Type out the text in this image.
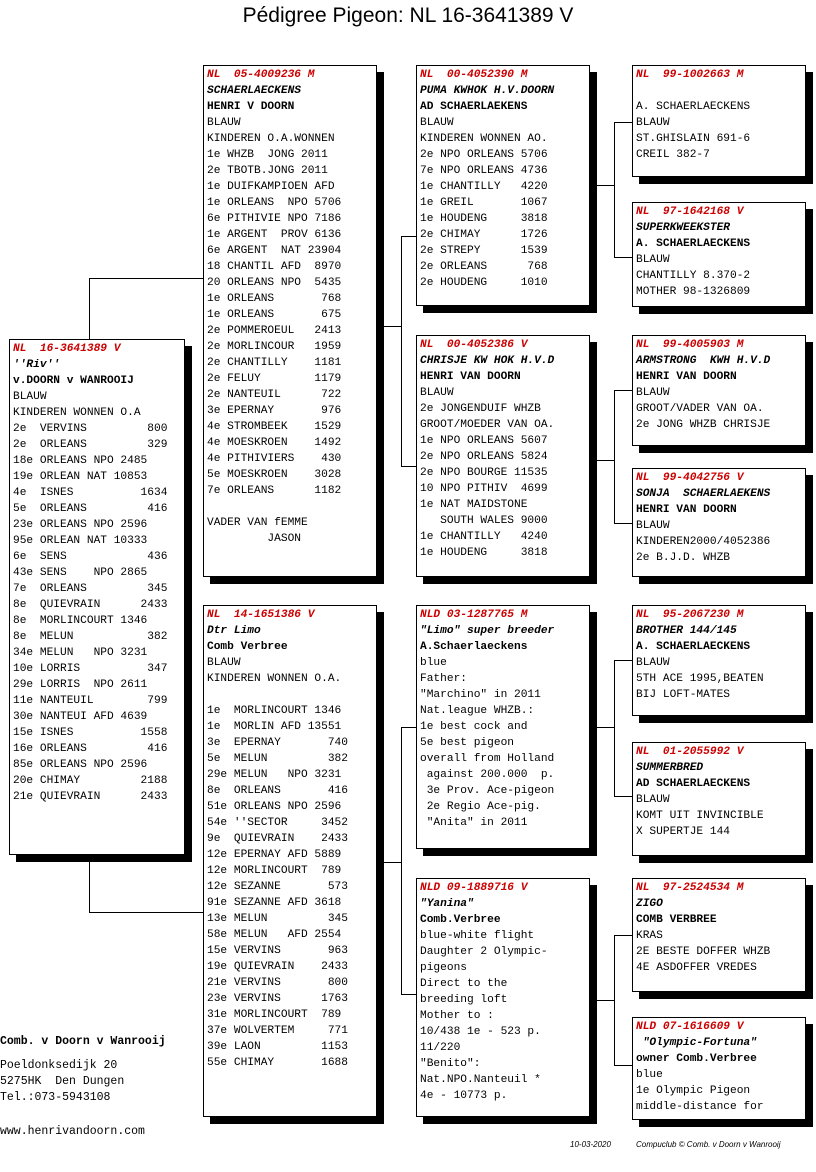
Pédigree Pigeon: NL 16-3641389 V
NL  16-3641389 V
''Riv''
v.DOORN v WANROOIJ
BLAUW
KINDEREN WONNEN O.A
2e  VERVINS         800
2e  ORLEANS         329
18e ORLEANS NPO 2485
19e ORLEAN NAT 10853
4e  ISNES          1634
5e  ORLEANS         416
23e ORLEANS NPO 2596
95e ORLEAN NAT 10333
6e  SENS            436
43e SENS    NPO 2865
7e  ORLEANS         345
8e  QUIEVRAIN      2433
8e  MORLINCOURT 1346
8e  MELUN           382
34e MELUN   NPO 3231
10e LORRIS          347
29e LORRIS  NPO 2611
11e NANTEUIL        799
30e NANTEUI AFD 4639
15e ISNES          1558
16e ORLEANS         416
85e ORLEANS NPO 2596
20e CHIMAY         2188
21e QUIEVRAIN      2433
NL  05-4009236 M
SCHAERLAECKENS
HENRI V DOORN
BLAUW
KINDEREN O.A.WONNEN
1e WHZB  JONG 2011
2e TBOTB.JONG 2011
1e DUIFKAMPIOEN AFD
1e ORLEANS  NPO 5706
6e PITHIVIE NPO 7186
1e ARGENT  PROV 6136
6e ARGENT  NAT 23904
18 CHANTIL AFD  8970
20 ORLEANS NPO  5435
1e ORLEANS       768
1e ORLEANS       675
2e POMMEROEUL   2413
2e MORLINCOUR   1959
2e CHANTILLY    1181
2e FELUY        1179
2e NANTEUIL      722
3e EPERNAY       976
4e STROMBEEK    1529
4e MOESKROEN    1492
4e PITHIVIERS    430
5e MOESKROEN    3028
7e ORLEANS      1182
VADER VAN fEMME
JASON
NL  14-1651386 V
Dtr Limo
Comb Verbree
BLAUW
KINDEREN WONNEN O.A.
1e  MORLINCOURT 1346
1e  MORLIN AFD 13551
3e  EPERNAY       740
5e  MELUN         382
29e MELUN   NPO 3231
8e  ORLEANS       416
51e ORLEANS NPO 2596
54e ''SECTOR     3452
9e  QUIEVRAIN    2433
12e EPERNAY AFD 5889
12e MORLINCOURT  789
12e SEZANNE       573
91e SEZANNE AFD 3618
13e MELUN         345
58e MELUN   AFD 2554
15e VERVINS       963
19e QUIEVRAIN    2433
21e VERVINS       800
23e VERVINS      1763
31e MORLINCOURT  789
37e WOLVERTEM     771
39e LAON         1153
55e CHIMAY       1688
NL  00-4052390 M
PUMA KWHOK H.V.DOORN
AD SCHAERLAEKENS
BLAUW
KINDEREN WONNEN AO.
2e NPO ORLEANS 5706
7e NPO ORLEANS 4736
1e CHANTILLY   4220
1e GREIL       1067
1e HOUDENG     3818
2e CHIMAY      1726
2e STREPY      1539
2e ORLEANS      768
2e HOUDENG     1010
NL  00-4052386 V
CHRISJE KW HOK H.V.D
HENRI VAN DOORN
BLAUW
2e JONGENDUIF WHZB
GROOT/MOEDER VAN OA.
1e NPO ORLEANS 5607
2e NPO ORLEANS 5824
2e NPO BOURGE 11535
10 NPO PITHIV  4699
1e NAT MAIDSTONE
SOUTH WALES 9000
1e CHANTILLY   4240
1e HOUDENG     3818
NLD 03-1287765 M
"Limo" super breeder
A.Schaerlaeckens
blue
Father:
"Marchino" in 2011
Nat.league WHZB.:
1e best cock and
5e best pigeon
overall from Holland
against 200.000  p.
3e Prov. Ace-pigeon
2e Regio Ace-pig.
"Anita" in 2011
NLD 09-1889716 V
"Yanina"
Comb.Verbree
blue-white flight
Daughter 2 Olympic-
pigeons
Direct to the
breeding loft
Mother to :
10/438 1e - 523 p.
11/220
"Benito":
Nat.NPO.Nanteuil *
4e - 10773 p.
NL  99-1002663 M
A. SCHAERLAECKENS
BLAUW
ST.GHISLAIN 691-6
CREIL 382-7
NL  97-1642168 V
SUPERKWEEKSTER
A. SCHAERLAECKENS
BLAUW
CHANTILLY 8.370-2
MOTHER 98-1326809
NL  99-4005903 M
ARMSTRONG  KWH H.V.D
HENRI VAN DOORN
BLAUW
GROOT/VADER VAN OA.
2e JONG WHZB CHRISJE
NL  99-4042756 V
SONJA  SCHAERLAEKENS
HENRI VAN DOORN
BLAUW
KINDEREN2000/4052386
2e B.J.D. WHZB
NL  95-2067230 M
BROTHER 144/145
A. SCHAERLAECKENS
BLAUW
5TH ACE 1995,BEATEN
BIJ LOFT-MATES
NL  01-2055992 V
SUMMERBRED
AD SCHAERLAECKENS
BLAUW
KOMT UIT INVINCIBLE
X SUPERTJE 144
NL  97-2524534 M
ZIGO
COMB VERBREE
KRAS
2E BESTE DOFFER WHZB
4E ASDOFFER VREDES
NLD 07-1616609 V
"Olympic-Fortuna"
owner Comb.Verbree
blue
1e Olympic Pigeon
middle-distance for
Comb. v Doorn v Wanrooij
Poeldonksedijk 20
5275HK  Den Dungen
Tel.:073-5943108
www.henrivandoorn.com
10-03-2020	Compuclub © Comb. v Doorn v Wanrooij
